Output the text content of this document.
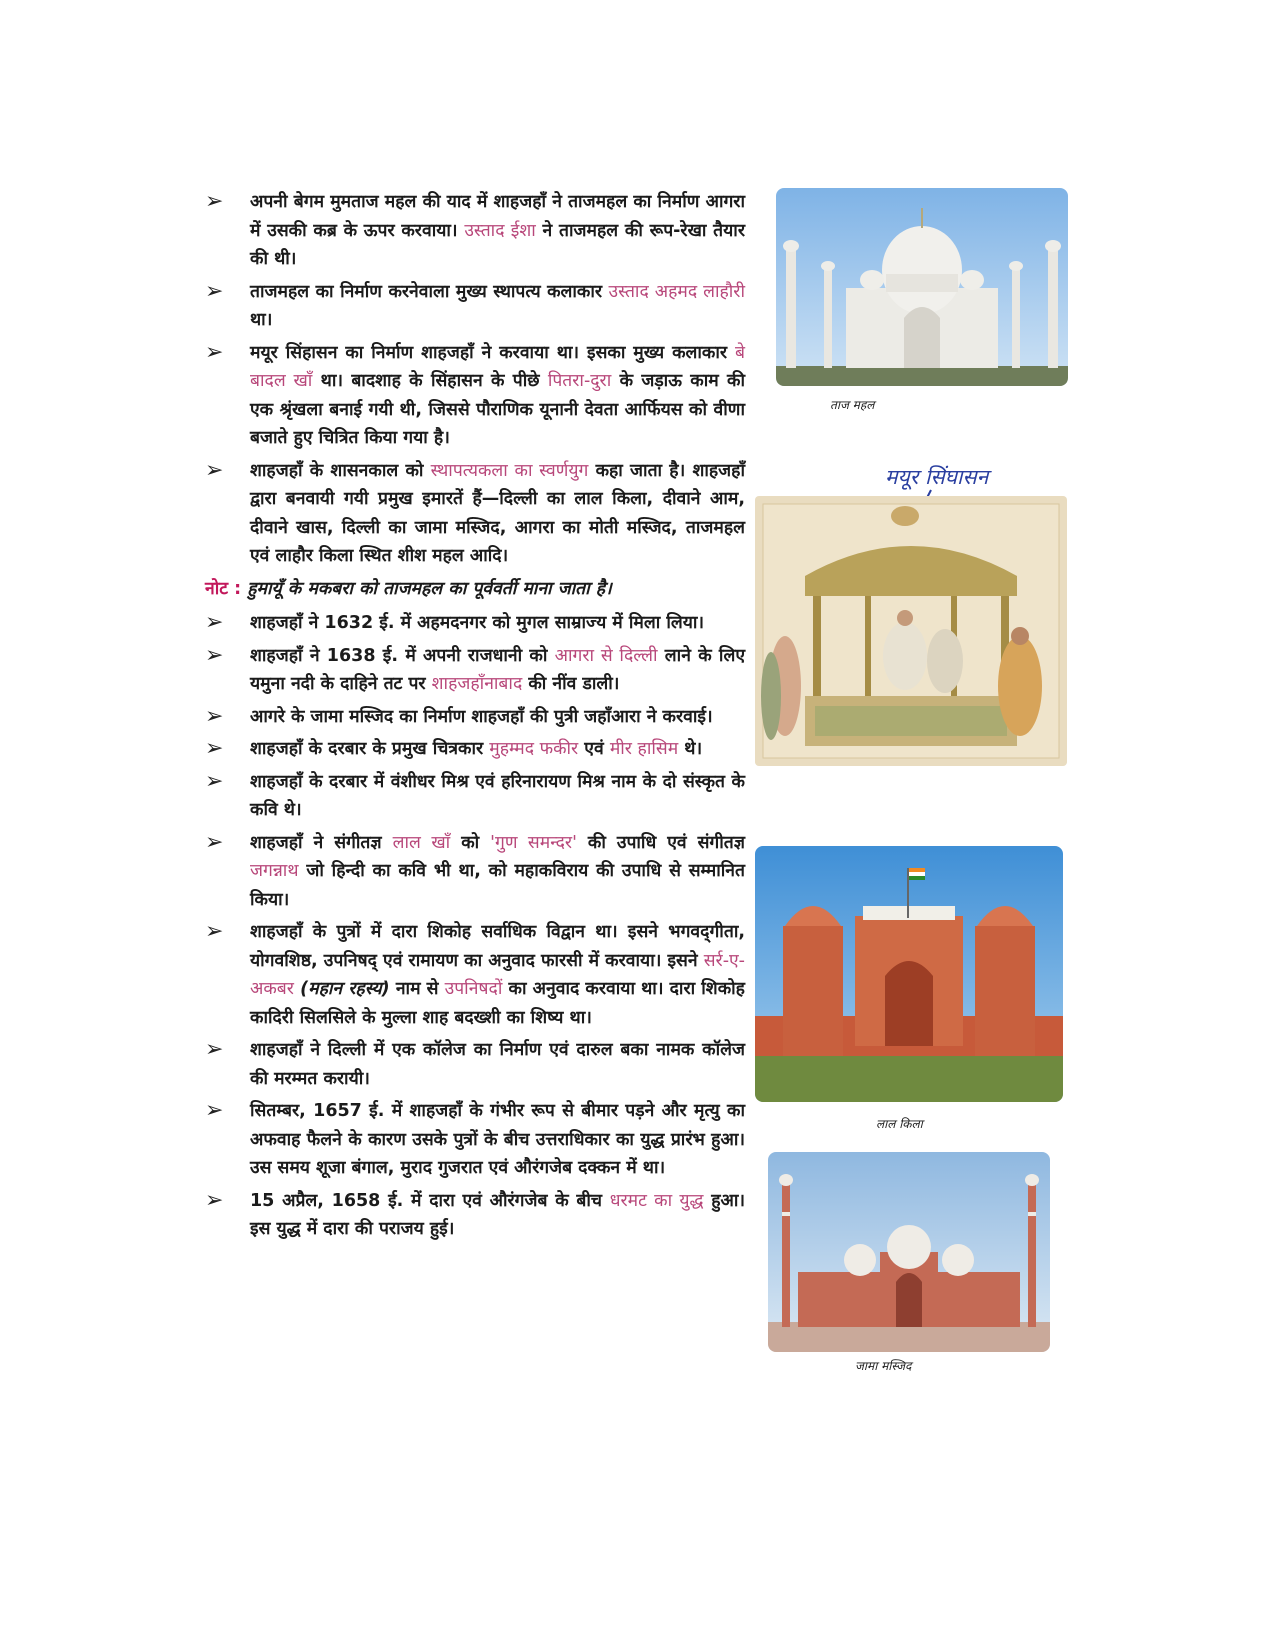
➢ अपनी बेगम मुमताज महल की याद में शाहजहाँ ने ताजमहल का निर्माण आगरा में उसकी कब्र के ऊपर करवाया। उस्ताद ईशा ने ताजमहल की रूप-रेखा तैयार की थी।
➢ ताजमहल का निर्माण करनेवाला मुख्य स्थापत्य कलाकार उस्ताद अहमद लाहौरी था।
➢ मयूर सिंहासन का निर्माण शाहजहाँ ने करवाया था। इसका मुख्य कलाकार बे बादल खाँ था। बादशाह के सिंहासन के पीछे पितरा-दुरा के जड़ाऊ काम की एक श्रृंखला बनाई गयी थी, जिससे पौराणिक यूनानी देवता आर्फियस को वीणा बजाते हुए चित्रित किया गया है।
➢ शाहजहाँ के शासनकाल को स्थापत्यकला का स्वर्णयुग कहा जाता है। शाहजहाँ द्वारा बनवायी गयी प्रमुख इमारतें हैं—दिल्ली का लाल किला, दीवाने आम, दीवाने खास, दिल्ली का जामा मस्जिद, आगरा का मोती मस्जिद, ताजमहल एवं लाहौर किला स्थित शीश महल आदि।
नोट : हुमायूँ के मकबरा को ताजमहल का पूर्ववर्ती माना जाता है।
➢ शाहजहाँ ने 1632 ई. में अहमदनगर को मुगल साम्राज्य में मिला लिया।
➢ शाहजहाँ ने 1638 ई. में अपनी राजधानी को आगरा से दिल्ली लाने के लिए यमुना नदी के दाहिने तट पर शाहजहाँनाबाद की नींव डाली।
➢ आगरे के जामा मस्जिद का निर्माण शाहजहाँ की पुत्री जहाँआरा ने करवाई।
➢ शाहजहाँ के दरबार के प्रमुख चित्रकार मुहम्मद फकीर एवं मीर हासिम थे।
➢ शाहजहाँ के दरबार में वंशीधर मिश्र एवं हरिनारायण मिश्र नाम के दो संस्कृत के कवि थे।
➢ शाहजहाँ ने संगीतज्ञ लाल खाँ को 'गुण समन्दर' की उपाधि एवं संगीतज्ञ जगन्नाथ जो हिन्दी का कवि भी था, को महाकविराय की उपाधि से सम्मानित किया।
➢ शाहजहाँ के पुत्रों में दारा शिकोह सर्वाधिक विद्वान था। इसने भगवद्‌गीता, योगवशिष्ठ, उपनिषद् एवं रामायण का अनुवाद फारसी में करवाया। इसने सर्र-ए-अकबर (महान रहस्य) नाम से उपनिषदों का अनुवाद करवाया था। दारा शिकोह कादिरी सिलसिले के मुल्ला शाह बदख्शी का शिष्य था।
➢ शाहजहाँ ने दिल्ली में एक कॉलेज का निर्माण एवं दारुल बका नामक कॉलेज की मरम्मत करायी।
➢ सितम्बर, 1657 ई. में शाहजहाँ के गंभीर रूप से बीमार पड़ने और मृत्यु का अफवाह फैलने के कारण उसके पुत्रों के बीच उत्तराधिकार का युद्ध प्रारंभ हुआ। उस समय शूजा बंगाल, मुराद गुजरात एवं औरंगजेब दक्कन में था।
➢ 15 अप्रैल, 1658 ई. में दारा एवं औरंगजेब के बीच धरमट का युद्ध हुआ। इस युद्ध में दारा की पराजय हुई।
ताज महल
मयूर सिंघासन
लाल किला
जामा मस्जिद
